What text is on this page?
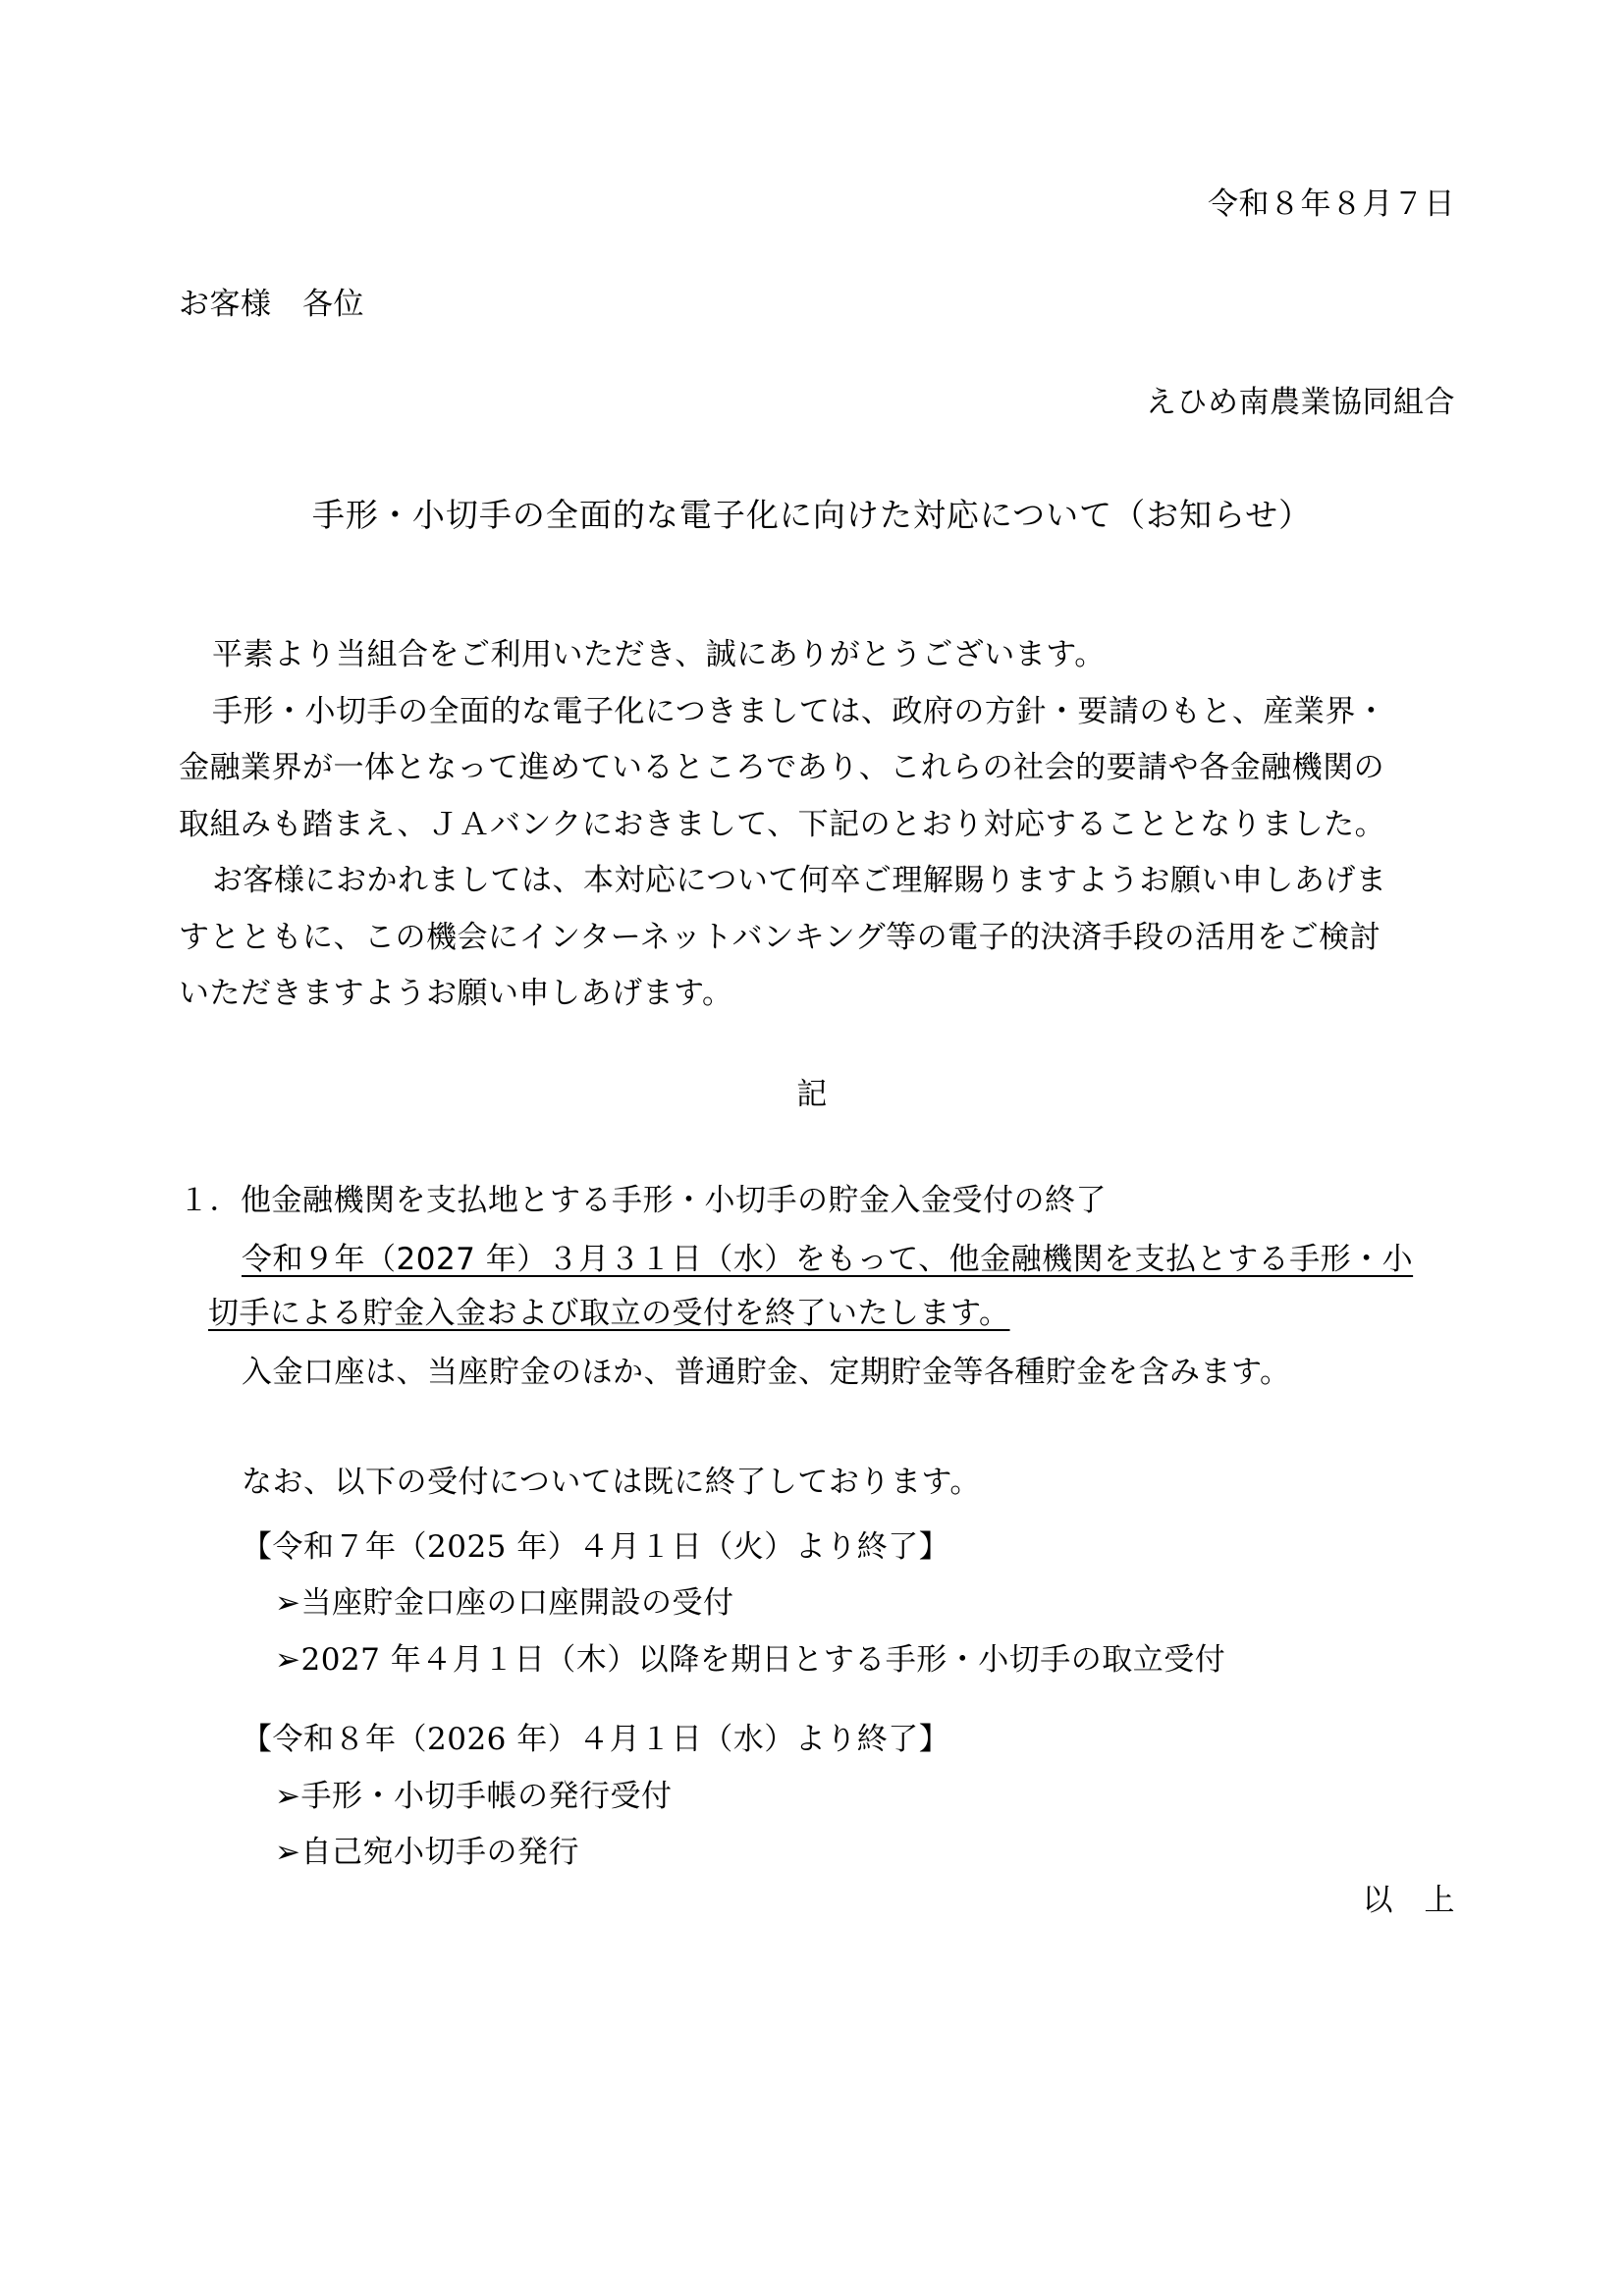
令和８年８月７日
お客様　各位
えひめ南農業協同組合
手形・小切手の全面的な電子化に向けた対応について（お知らせ）
平素より当組合をご利用いただき、誠にありがとうございます。
手形・小切手の全面的な電子化につきましては、政府の方針・要請のもと、産業界・
金融業界が一体となって進めているところであり、これらの社会的要請や各金融機関の
取組みも踏まえ、ＪＡバンクにおきまして、下記のとおり対応することとなりました。
お客様におかれましては、本対応について何卒ご理解賜りますようお願い申しあげま
すとともに、この機会にインターネットバンキング等の電子的決済手段の活用をご検討
いただきますようお願い申しあげます。
記
１．他金融機関を支払地とする手形・小切手の貯金入金受付の終了
令和９年（2027 年）３月３１日（水）をもって、他金融機関を支払とする手形・小
切手による貯金入金および取立の受付を終了いたします。
入金口座は、当座貯金のほか、普通貯金、定期貯金等各種貯金を含みます。
なお、以下の受付については既に終了しております。
【令和７年（2025 年）４月１日（火）より終了】
➢当座貯金口座の口座開設の受付
➢2027 年４月１日（木）以降を期日とする手形・小切手の取立受付
【令和８年（2026 年）４月１日（水）より終了】
➢手形・小切手帳の発行受付
➢自己宛小切手の発行
以　上
